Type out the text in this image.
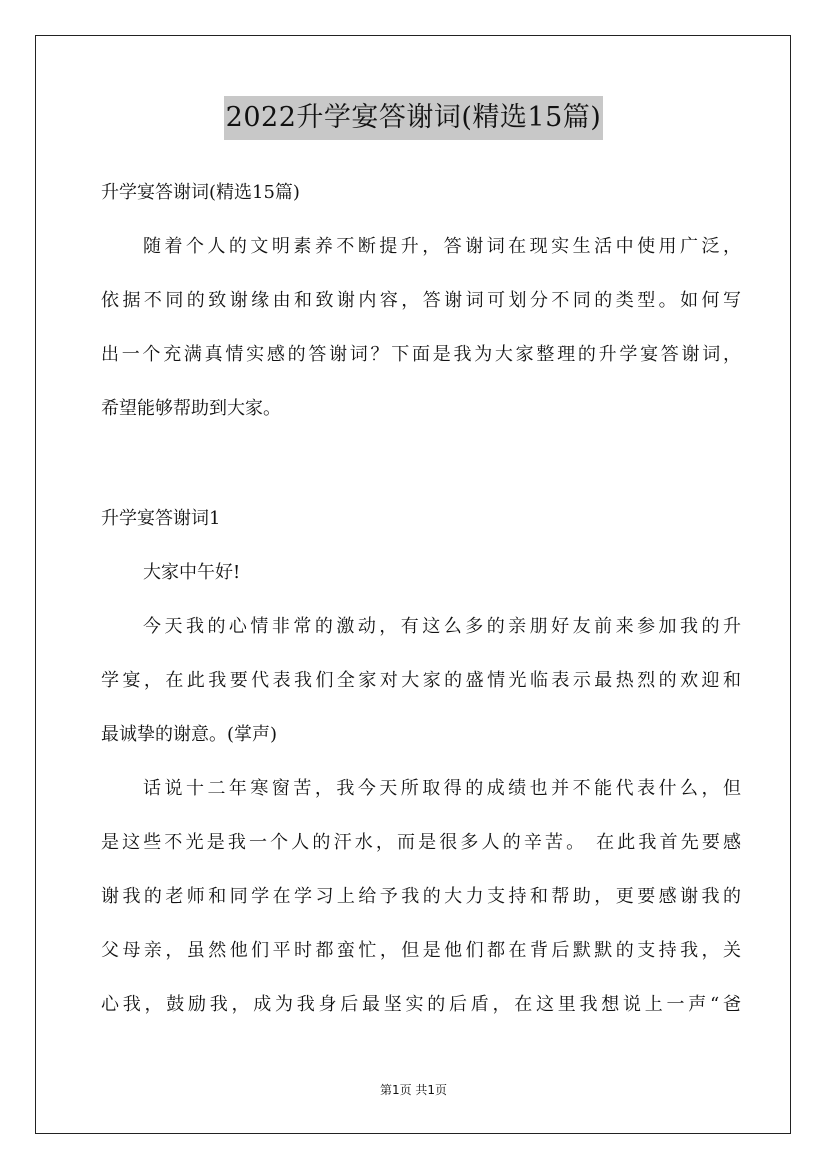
2022升学宴答谢词(精选15篇)
升学宴答谢词(精选15篇)
随着个人的文明素养不断提升，答谢词在现实生活中使用广泛，
依据不同的致谢缘由和致谢内容，答谢词可划分不同的类型。如何写
出一个充满真情实感的答谢词？下面是我为大家整理的升学宴答谢词，
希望能够帮助到大家。
升学宴答谢词1
大家中午好!
今天我的心情非常的激动，有这么多的亲朋好友前来参加我的升
学宴，在此我要代表我们全家对大家的盛情光临表示最热烈的欢迎和
最诚挚的谢意。(掌声)
话说十二年寒窗苦，我今天所取得的成绩也并不能代表什么，但
是这些不光是我一个人的汗水，而是很多人的辛苦。 在此我首先要感
谢我的老师和同学在学习上给予我的大力支持和帮助，更要感谢我的
父母亲，虽然他们平时都蛮忙，但是他们都在背后默默的支持我，关
心我，鼓励我，成为我身后最坚实的后盾，在这里我想说上一声“爸
第1页 共1页
